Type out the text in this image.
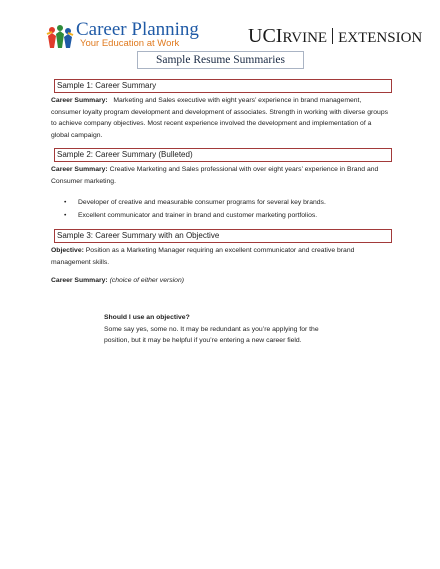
Career Planning
Your Education at Work	UCIRVINE EXTENSION
Sample Resume Summaries
Sample 1: Career Summary
Career Summary: Marketing and Sales executive with eight years’ experience in brand management, consumer loyalty program development and development of associates. Strength in working with diverse groups to achieve company objectives. Most recent experience involved the development and implementation of a global campaign.
Sample 2: Career Summary (Bulleted)
Career Summary: Creative Marketing and Sales professional with over eight years’ experience in Brand and Consumer marketing.
• Developer of creative and measurable consumer programs for several key brands.
• Excellent communicator and trainer in brand and customer marketing portfolios.
Sample 3: Career Summary with an Objective
Objective: Position as a Marketing Manager requiring an excellent communicator and creative brand management skills.
Career Summary: (choice of either version)
Should I use an objective?
Some say yes, some no. It may be redundant as you’re applying for the position, but it may be helpful if you’re entering a new career field.
